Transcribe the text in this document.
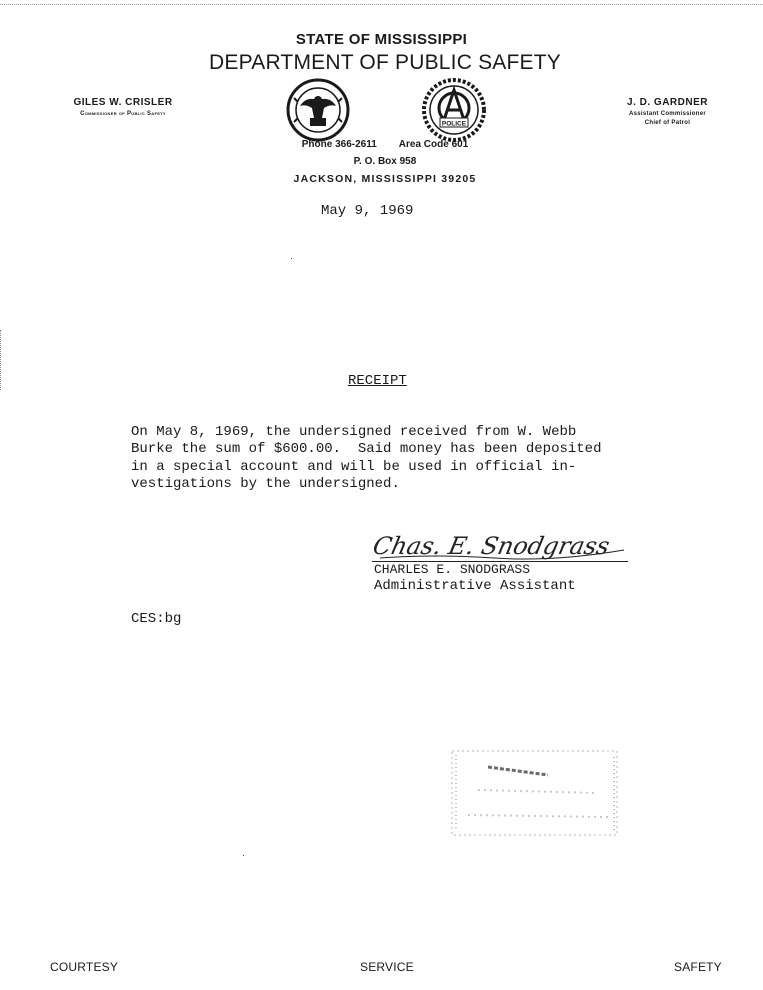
STATE OF MISSISSIPPI
DEPARTMENT OF PUBLIC SAFETY
GILES W. CRISLER
Commissioner of Public Safety
J. D. GARDNER
Assistant Commissioner
Chief of Patrol
POLICE
Phone 366-2611 Area Code 601
P. O. Box 958
JACKSON, MISSISSIPPI 39205
May 9, 1969
RECEIPT
On May 8, 1969, the undersigned received from W. Webb
Burke the sum of $600.00.  Said money has been deposited
in a special account and will be used in official in-
vestigations by the undersigned.
Chas. E. Snodgrass
CHARLES E. SNODGRASS
Administrative Assistant
CES:bg
COURTESY	SERVICE	SAFETY
